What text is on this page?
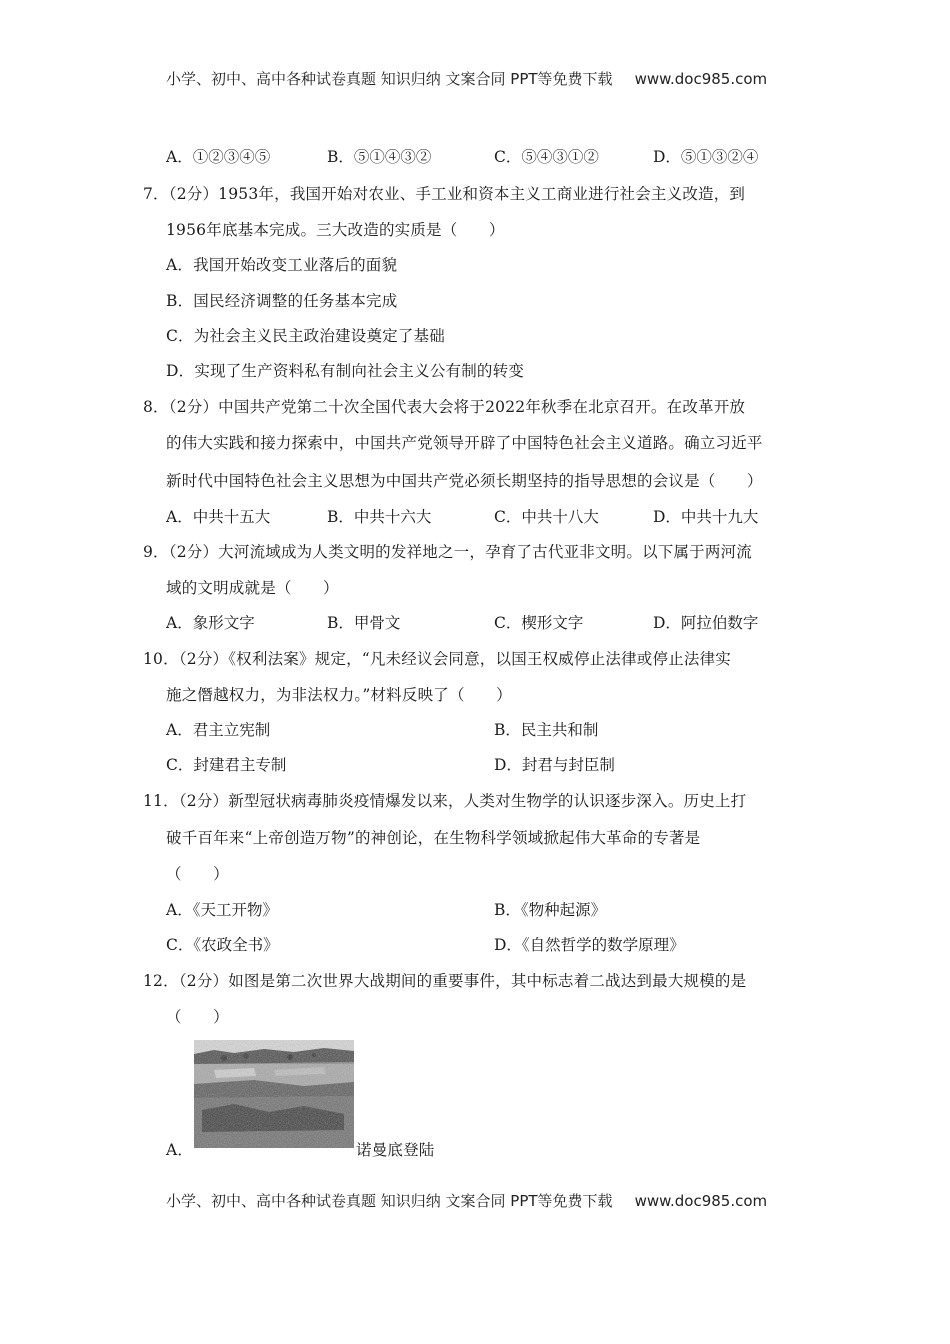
小学、初中、高中各种试卷真题 知识归纳 文案合同 PPT等免费下载 www.doc985.com
A．①②③④⑤	B．⑤①④③②	C．⑤④③①②	D．⑤①③②④
7．（2分）1953年，我国开始对农业、手工业和资本主义工商业进行社会主义改造，到
1956年底基本完成。三大改造的实质是（　　）
A．我国开始改变工业落后的面貌
B．国民经济调整的任务基本完成
C．为社会主义民主政治建设奠定了基础
D．实现了生产资料私有制向社会主义公有制的转变
8．（2分）中国共产党第二十次全国代表大会将于2022年秋季在北京召开。在改革开放
的伟大实践和接力探索中，中国共产党领导开辟了中国特色社会主义道路。确立习近平
新时代中国特色社会主义思想为中国共产党必须长期坚持的指导思想的会议是（　　）
A．中共十五大	B．中共十六大	C．中共十八大	D．中共十九大
9．（2分）大河流域成为人类文明的发祥地之一，孕育了古代亚非文明。以下属于两河流
域的文明成就是（　　）
A．象形文字	B．甲骨文	C．楔形文字	D．阿拉伯数字
10．（2分）《权利法案》规定，“凡未经议会同意，以国王权威停止法律或停止法律实
施之僭越权力，为非法权力。”材料反映了（　　）
A．君主立宪制	B．民主共和制
C．封建君主专制	D．封君与封臣制
11．（2分）新型冠状病毒肺炎疫情爆发以来，人类对生物学的认识逐步深入。历史上打
破千百年来“上帝创造万物”的神创论，在生物科学领域掀起伟大革命的专著是
（　　）
A．《天工开物》	B．《物种起源》
C．《农政全书》	D．《自然哲学的数学原理》
12．（2分）如图是第二次世界大战期间的重要事件，其中标志着二战达到最大规模的是
（　　）
A．	诺曼底登陆
小学、初中、高中各种试卷真题 知识归纳 文案合同 PPT等免费下载 www.doc985.com
